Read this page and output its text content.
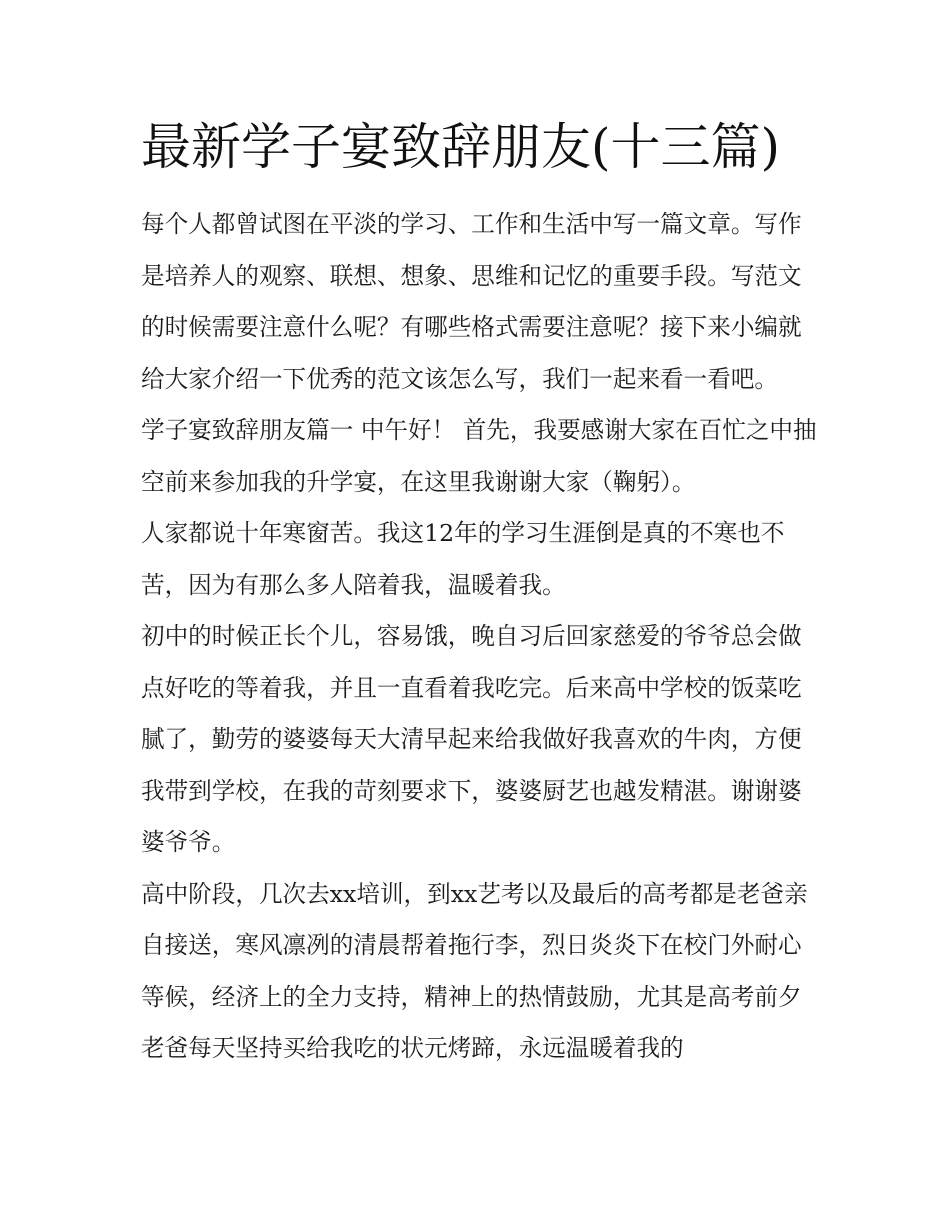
最新学子宴致辞朋友(十三篇)

每个人都曾试图在平淡的学习、工作和生活中写一篇文章。写作是培养人的观察、联想、想象、思维和记忆的重要手段。写范文的时候需要注意什么呢？有哪些格式需要注意呢？接下来小编就给大家介绍一下优秀的范文该怎么写，我们一起来看一看吧。

学子宴致辞朋友篇一 中午好！ 首先，我要感谢大家在百忙之中抽空前来参加我的升学宴，在这里我谢谢大家（鞠躬）。

人家都说十年寒窗苦。我这12年的学习生涯倒是真的不寒也不苦，因为有那么多人陪着我，温暖着我。

初中的时候正长个儿，容易饿，晚自习后回家慈爱的爷爷总会做点好吃的等着我，并且一直看着我吃完。后来高中学校的饭菜吃腻了，勤劳的婆婆每天大清早起来给我做好我喜欢的牛肉，方便我带到学校，在我的苛刻要求下，婆婆厨艺也越发精湛。谢谢婆婆爷爷。

高中阶段，几次去xx培训，到xx艺考以及最后的高考都是老爸亲自接送，寒风凛冽的清晨帮着拖行李，烈日炎炎下在校门外耐心等候，经济上的全力支持，精神上的热情鼓励，尤其是高考前夕老爸每天坚持买给我吃的状元烤蹄，永远温暖着我的
